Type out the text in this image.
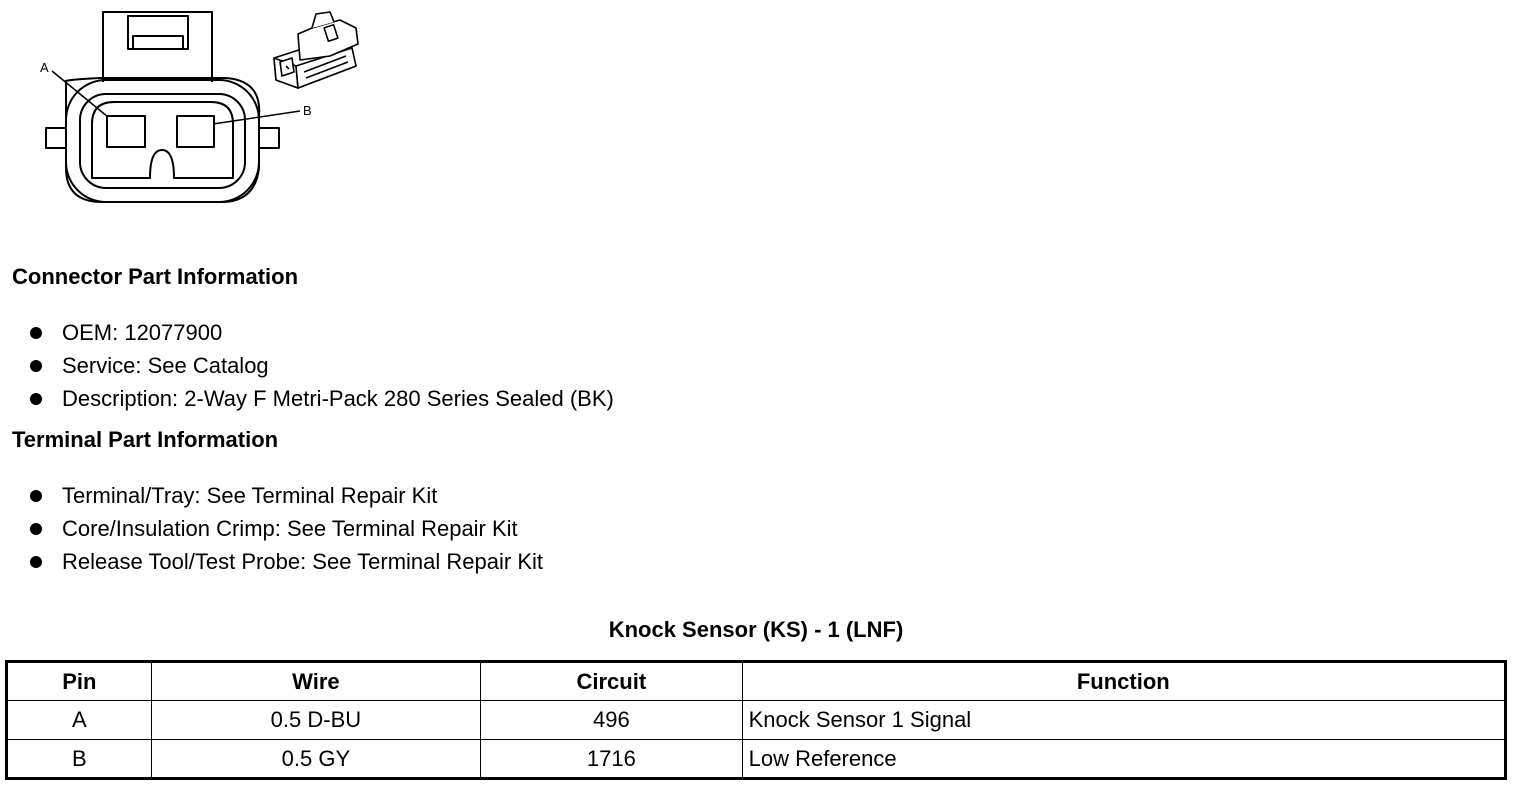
A
B
Connector Part Information
OEM: 12077900
Service: See Catalog
Description: 2-Way F Metri-Pack 280 Series Sealed (BK)
Terminal Part Information
Terminal/Tray: See Terminal Repair Kit
Core/Insulation Crimp: See Terminal Repair Kit
Release Tool/Test Probe: See Terminal Repair Kit
Knock Sensor (KS) - 1 (LNF)
Pin	Wire	Circuit	Function
A	0.5 D-BU	496	Knock Sensor 1 Signal
B	0.5 GY	1716	Low Reference
